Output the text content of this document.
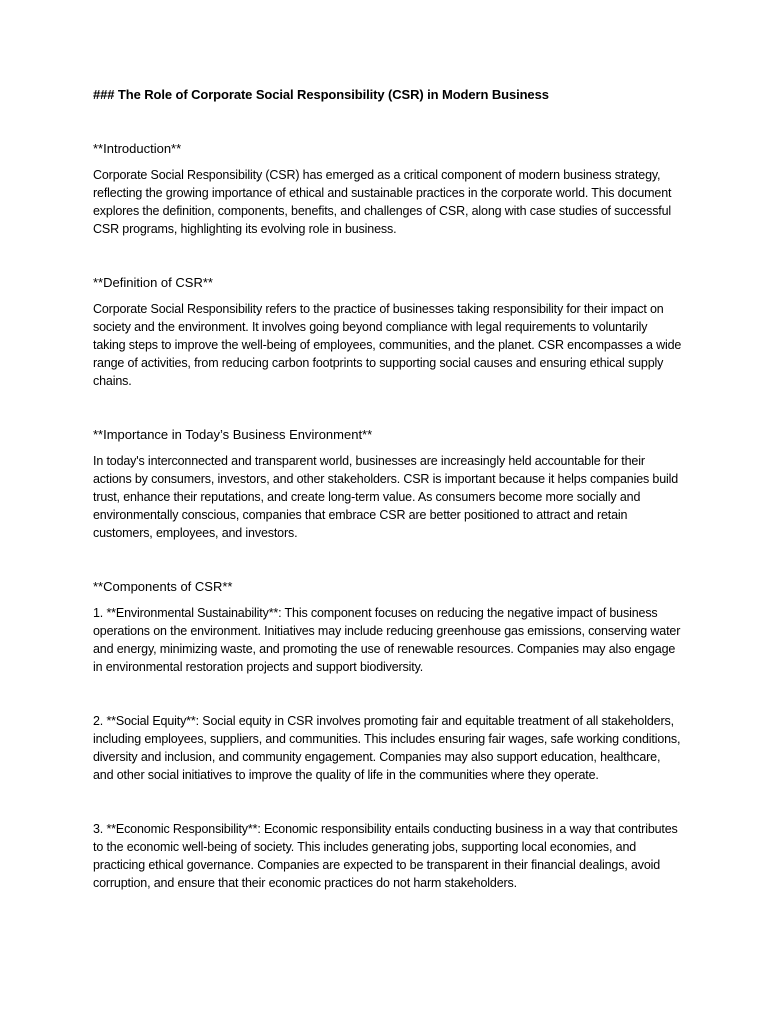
### The Role of Corporate Social Responsibility (CSR) in Modern Business
**Introduction**

Corporate Social Responsibility (CSR) has emerged as a critical component of modern business strategy, reflecting the growing importance of ethical and sustainable practices in the corporate world. This document explores the definition, components, benefits, and challenges of CSR, along with case studies of successful CSR programs, highlighting its evolving role in business.

**Definition of CSR**

Corporate Social Responsibility refers to the practice of businesses taking responsibility for their impact on society and the environment. It involves going beyond compliance with legal requirements to voluntarily taking steps to improve the well-being of employees, communities, and the planet. CSR encompasses a wide range of activities, from reducing carbon footprints to supporting social causes and ensuring ethical supply chains.

**Importance in Today’s Business Environment**

In today's interconnected and transparent world, businesses are increasingly held accountable for their actions by consumers, investors, and other stakeholders. CSR is important because it helps companies build trust, enhance their reputations, and create long-term value. As consumers become more socially and environmentally conscious, companies that embrace CSR are better positioned to attract and retain customers, employees, and investors.

**Components of CSR**

1. **Environmental Sustainability**: This component focuses on reducing the negative impact of business operations on the environment. Initiatives may include reducing greenhouse gas emissions, conserving water and energy, minimizing waste, and promoting the use of renewable resources. Companies may also engage in environmental restoration projects and support biodiversity.

2. **Social Equity**: Social equity in CSR involves promoting fair and equitable treatment of all stakeholders, including employees, suppliers, and communities. This includes ensuring fair wages, safe working conditions, diversity and inclusion, and community engagement. Companies may also support education, healthcare, and other social initiatives to improve the quality of life in the communities where they operate.

3. **Economic Responsibility**: Economic responsibility entails conducting business in a way that contributes to the economic well-being of society. This includes generating jobs, supporting local economies, and practicing ethical governance. Companies are expected to be transparent in their financial dealings, avoid corruption, and ensure that their economic practices do not harm stakeholders.
